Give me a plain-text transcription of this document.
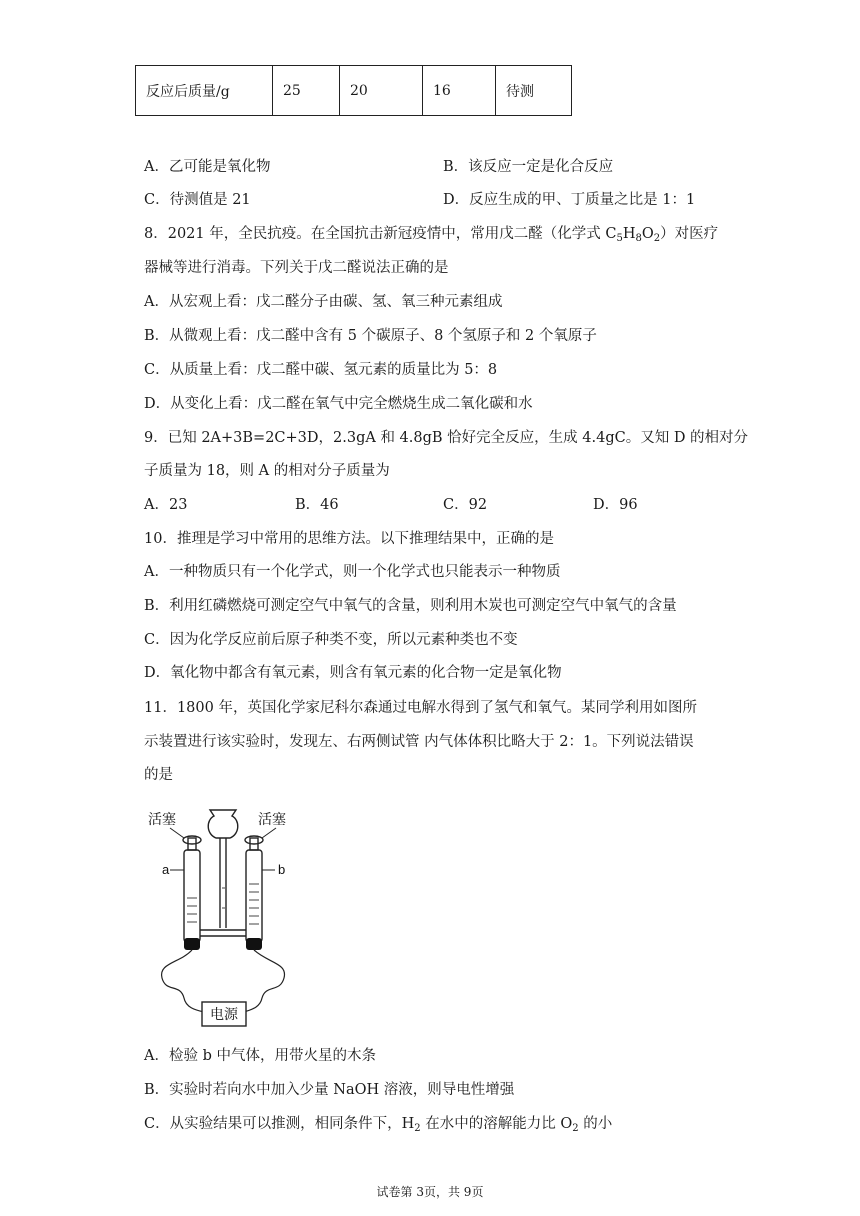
反应后质量/g	25	20	16	待测
A．乙可能是氧化物	B．该反应一定是化合反应
C．待测值是 21	D．反应生成的甲、丁质量之比是 1：1
8．2021 年，全民抗疫。在全国抗击新冠疫情中，常用戊二醛（化学式 $C_5H_8O_2$）对医疗
器械等进行消毒。下列关于戊二醛说法正确的是
A．从宏观上看：戊二醛分子由碳、氢、氧三种元素组成
B．从微观上看：戊二醛中含有 5 个碳原子、8 个氢原子和 2 个氧原子
C．从质量上看：戊二醛中碳、氢元素的质量比为 5：8
D．从变化上看：戊二醛在氧气中完全燃烧生成二氧化碳和水
9．已知 2A+3B=2C+3D，2.3gA 和 4.8gB 恰好完全反应，生成 4.4gC。又知 D 的相对分
子质量为 18，则 A 的相对分子质量为
A．23	B．46	C．92	D．96
10．推理是学习中常用的思维方法。以下推理结果中，正确的是
A．一种物质只有一个化学式，则一个化学式也只能表示一种物质
B．利用红磷燃烧可测定空气中氧气的含量，则利用木炭也可测定空气中氧气的含量
C．因为化学反应前后原子种类不变，所以元素种类也不变
D．氧化物中都含有氧元素，则含有氧元素的化合物一定是氧化物
11．1800 年，英国化学家尼科尔森通过电解水得到了氢气和氧气。某同学利用如图所
示装置进行该实验时，发现左、右两侧试管 内气体体积比略大于 2：1。下列说法错误
的是
电源
活塞	活塞
a	b
A．检验 b 中气体，用带火星的木条
B．实验时若向水中加入少量 NaOH 溶液，则导电性增强
C．从实验结果可以推测，相同条件下，$H_2$ 在水中的溶解能力比 $O_2$ 的小
试卷第 3页，共 9页
